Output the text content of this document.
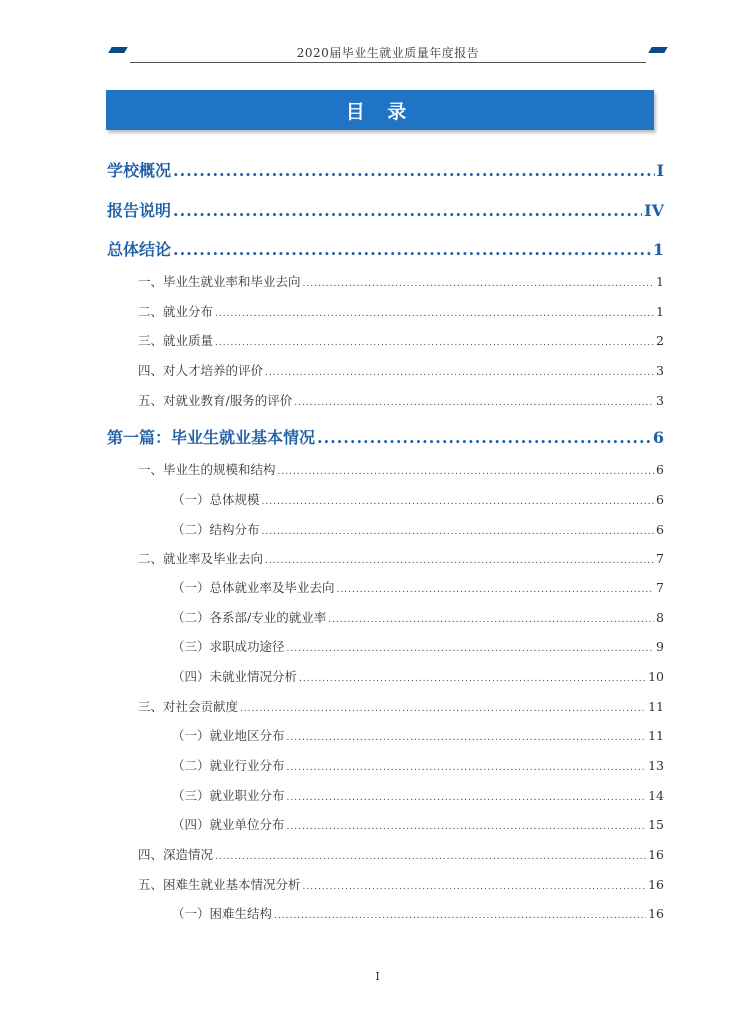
2020届毕业生就业质量年度报告
目 录
学校概况 .....	I
报告说明 .....	IV
总体结论 .....	1
一、毕业生就业率和毕业去向 .....	1
二、就业分布 .....	1
三、就业质量 .....	2
四、对人才培养的评价 .....	3
五、对就业教育/服务的评价 .....	3
第一篇：毕业生就业基本情况 .....	6
一、毕业生的规模和结构 .....	6
（一）总体规模 .....	6
（二）结构分布 .....	6
二、就业率及毕业去向 .....	7
（一）总体就业率及毕业去向 .....	7
（二）各系部/专业的就业率 .....	8
（三）求职成功途径 .....	9
（四）未就业情况分析 .....	10
三、对社会贡献度 .....	11
（一）就业地区分布 .....	11
（二）就业行业分布 .....	13
（三）就业职业分布 .....	14
（四）就业单位分布 .....	15
四、深造情况 .....	16
五、困难生就业基本情况分析 .....	16
（一）困难生结构 .....	16
I
